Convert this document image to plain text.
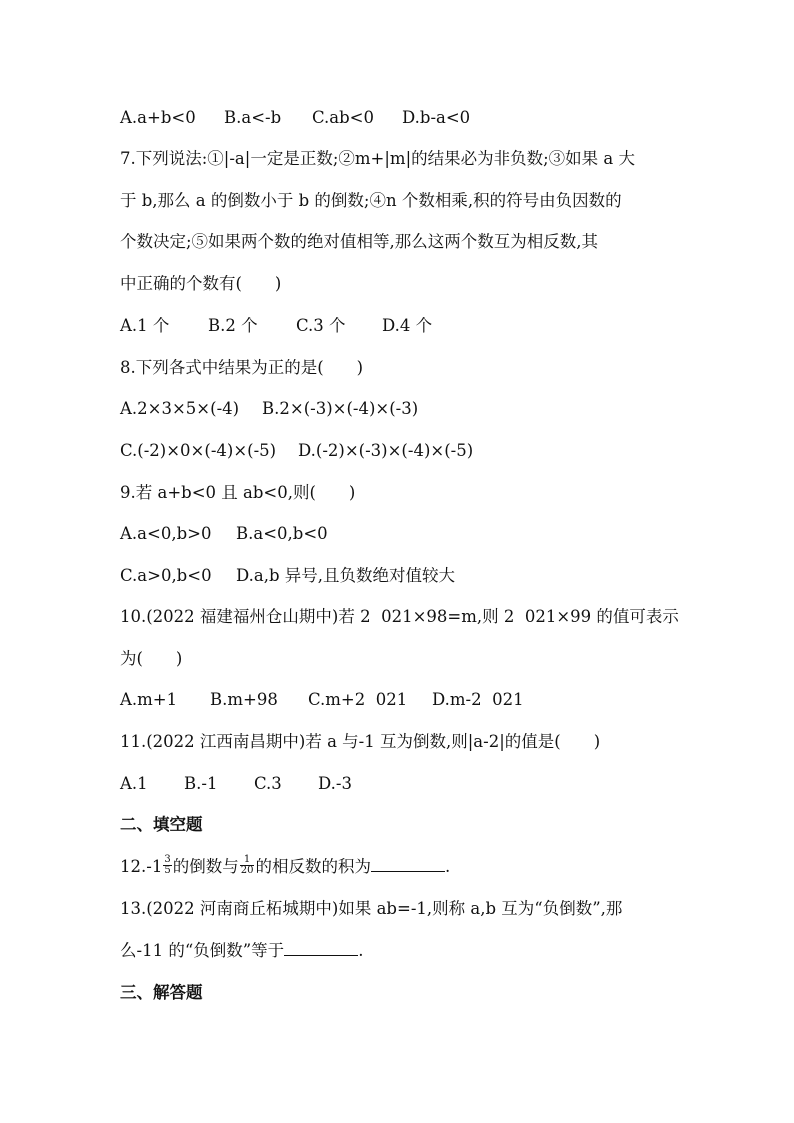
A.a+b<0	B.a<-b	C.ab<0	D.b-a<0
7.下列说法:①|-a|一定是正数;②m+|m|的结果必为非负数;③如果 a 大
于 b,那么 a 的倒数小于 b 的倒数;④n 个数相乘,积的符号由负因数的
个数决定;⑤如果两个数的绝对值相等,那么这两个数互为相反数,其
中正确的个数有(　　)
A.1 个	B.2 个	C.3 个	D.4 个
8.下列各式中结果为正的是(　　)
A.2×3×5×(-4)	B.2×(-3)×(-4)×(-3)
C.(-2)×0×(-4)×(-5)	D.(-2)×(-3)×(-4)×(-5)
9.若 a+b<0 且 ab<0,则(　　)
A.a<0,b>0	B.a<0,b<0
C.a>0,b<0	D.a,b 异号,且负数绝对值较大
10.(2022 福建福州仓山期中)若 2  021×98=m,则 2  021×99 的值可表示
为(　　)
A.m+1	B.m+98	C.m+2  021	D.m-2  021
11.(2022 江西南昌期中)若 a 与-1 互为倒数,则|a-2|的值是(　　)
A.1	B.-1	C.3	D.-3
二、填空题
$12.-1 \frac{3}{5}$ 的倒数与 $\frac{1}{20}$ 的相反数的积为	.
13.(2022 河南商丘柘城期中)如果 ab=-1,则称 a,b 互为“负倒数”,那
么-11 的“负倒数”等于	.
三、解答题
